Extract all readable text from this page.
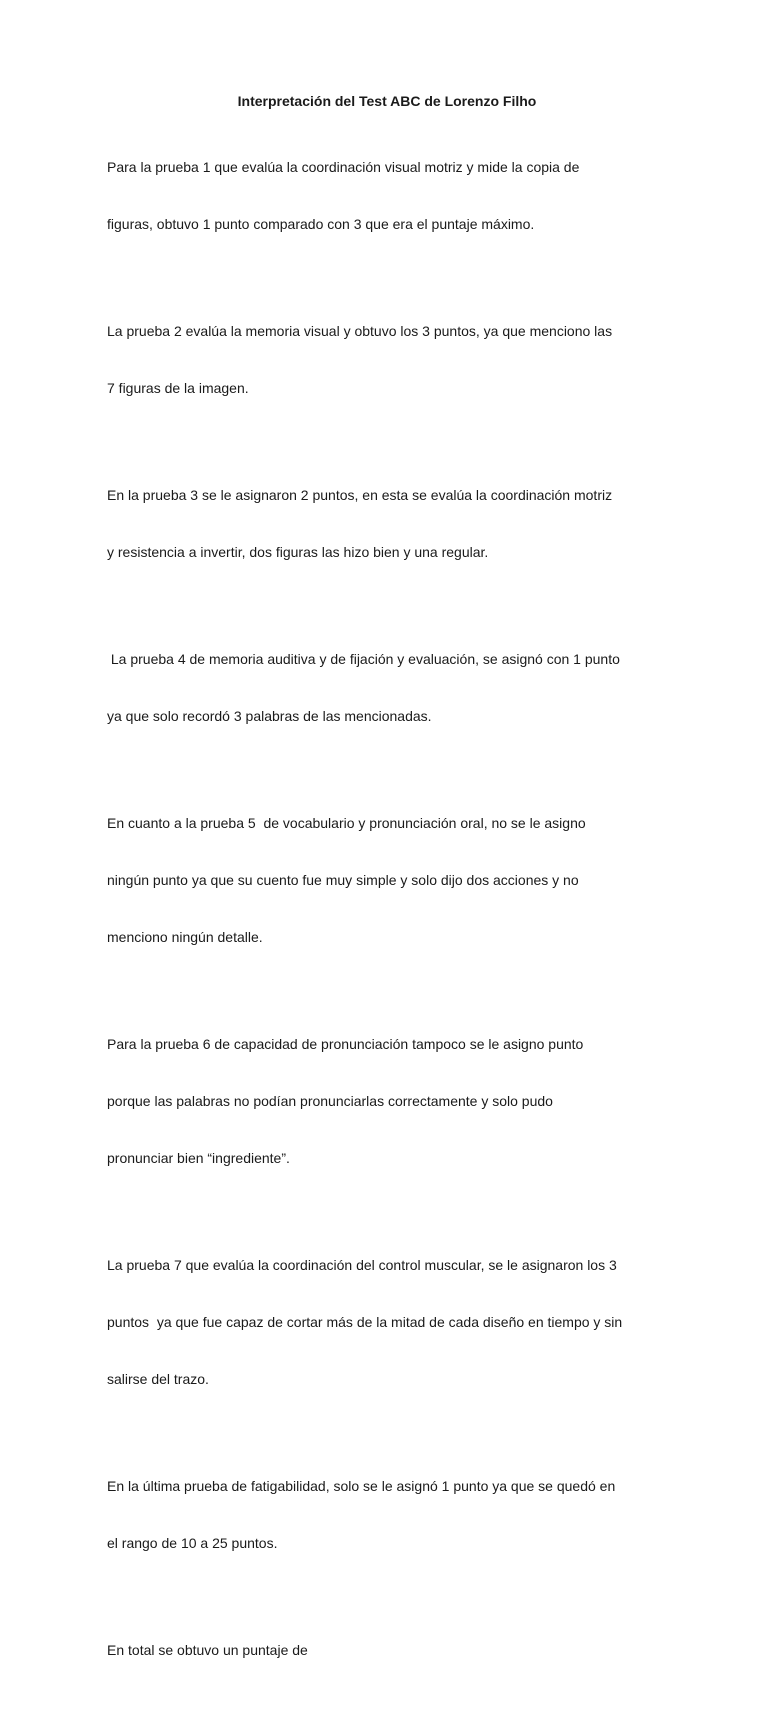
Interpretación del Test ABC de Lorenzo Filho

Para la prueba 1 que evalúa la coordinación visual motriz y mide la copia de

figuras, obtuvo 1 punto comparado con 3 que era el puntaje máximo.

La prueba 2 evalúa la memoria visual y obtuvo los 3 puntos, ya que menciono las

7 figuras de la imagen.

En la prueba 3 se le asignaron 2 puntos, en esta se evalúa la coordinación motriz

y resistencia a invertir, dos figuras las hizo bien y una regular.

La prueba 4 de memoria auditiva y de fijación y evaluación, se asignó con 1 punto

ya que solo recordó 3 palabras de las mencionadas.

En cuanto a la prueba 5  de vocabulario y pronunciación oral, no se le asigno

ningún punto ya que su cuento fue muy simple y solo dijo dos acciones y no

menciono ningún detalle.

Para la prueba 6 de capacidad de pronunciación tampoco se le asigno punto

porque las palabras no podían pronunciarlas correctamente y solo pudo

pronunciar bien “ingrediente”.

La prueba 7 que evalúa la coordinación del control muscular, se le asignaron los 3

puntos  ya que fue capaz de cortar más de la mitad de cada diseño en tiempo y sin

salirse del trazo.

En la última prueba de fatigabilidad, solo se le asignó 1 punto ya que se quedó en

el rango de 10 a 25 puntos.

En total se obtuvo un puntaje de
